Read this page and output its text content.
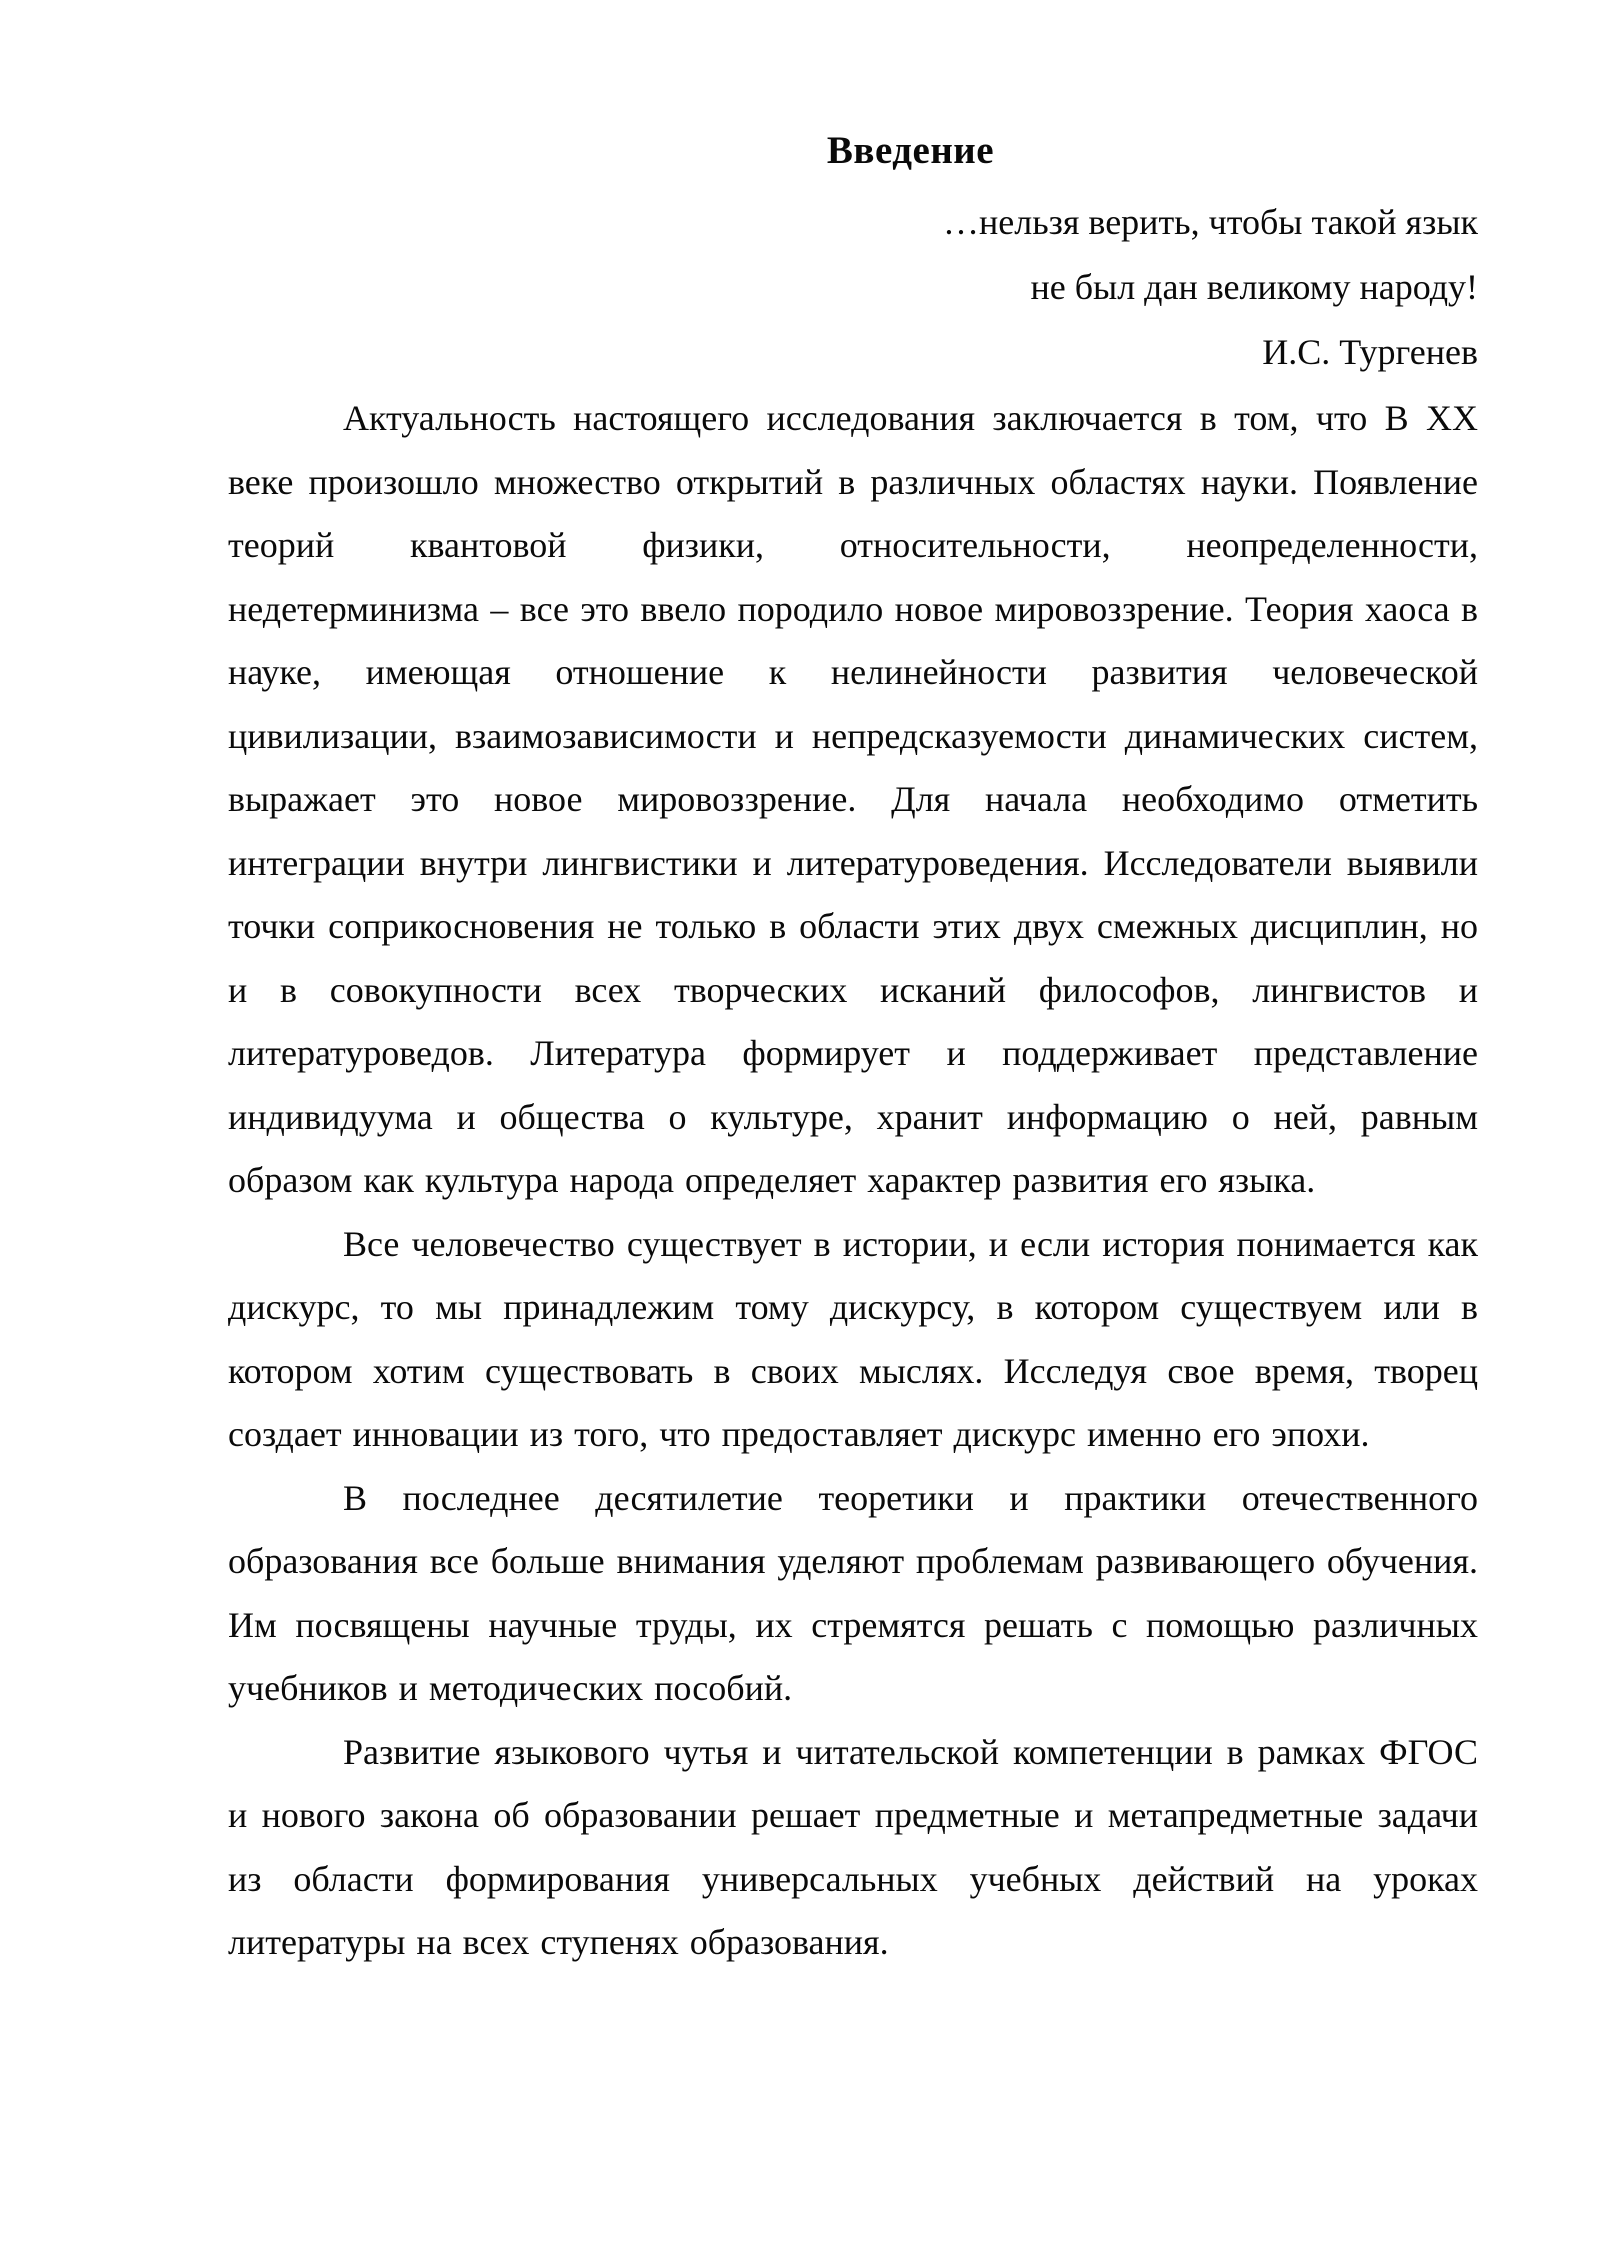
Введение
…нельзя верить, чтобы такой язык
не был дан великому народу!
И.С. Тургенев

Актуальность настоящего исследования заключается в том, что В XX веке произошло множество открытий в различных областях науки. Появление теорий квантовой физики, относительности, неопределенности, недетерминизма – все это ввело породило новое мировоззрение. Теория хаоса в науке, имеющая отношение к нелинейности развития человеческой цивилизации, взаимозависимости и непредсказуемости динамических систем, выражает это новое мировоззрение. Для начала необходимо отметить интеграции внутри лингвистики и литературоведения. Исследователи выявили точки соприкосновения не только в области этих двух смежных дисциплин, но и в совокупности всех творческих исканий философов, лингвистов и литературоведов. Литература формирует и поддерживает представление индивидуума и общества о культуре, хранит информацию о ней, равным образом как культура народа определяет характер развития его языка.

Все человечество существует в истории, и если история понимается как дискурс, то мы принадлежим тому дискурсу, в котором существуем или в котором хотим существовать в своих мыслях. Исследуя свое время, творец создает инновации из того, что предоставляет дискурс именно его эпохи.

В последнее десятилетие теоретики и практики отечественного образования все больше внимания уделяют проблемам развивающего обучения. Им посвящены научные труды, их стремятся решать с помощью различных учебников и методических пособий.

Развитие языкового чутья и читательской компетенции в рамках ФГОС и нового закона об образовании решает предметные и метапредметные задачи из области формирования универсальных учебных действий на уроках литературы на всех ступенях образования.
